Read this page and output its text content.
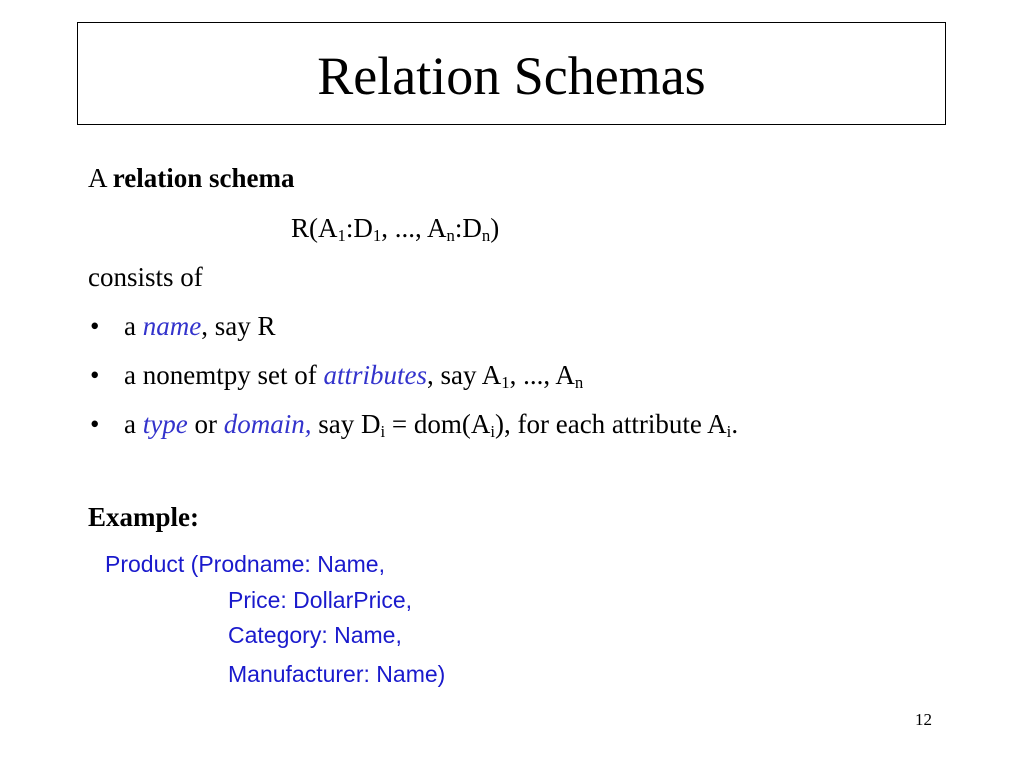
Relation Schemas
A relation schema
$R(A_1:D_1$, ..., $A_n:D_n$)
consists of
• a name, say R
• a nonemtpy set of attributes, say $A_1$, ..., $A_n$
• a type or domain, say $D_i = dom(A_i)$, for each attribute $A_i$.
Example:
Product (Prodname: Name,
Price: DollarPrice,
Category: Name,
Manufacturer: Name)
12
